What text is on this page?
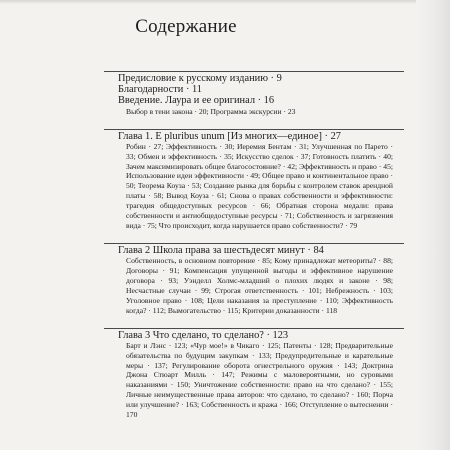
Содержание
Предисловие к русскому изданию · 9
Благодарности · 11
Введение. Лаура и ее оригинал · 16
Выбор в тени закона · 20; Программа экскурсии · 23
Глава 1. E pluribus unum [Из многих—единое] · 27
Робин · 27; Эффективность · 30; Иеремия Бентам · 31; Улучшенная по Парето · 33; Обмен и эффективность · 35; Искусство сделок · 37; Готовность платить · 40; Зачем максимизировать общее благосостояние? · 42; Эффективность и право · 45; Использование идеи эффективности · 49; Общее право и континентальное право · 50; Теорема Коуза · 53; Создание рынка для борьбы с контролем ставок арендной платы · 58; Вывод Коуза · 61; Снова о правах собственности и эффективности: трагедия общедоступных ресурсов · 66; Обратная сторона медали: права собственности и антиобщедоступные ресурсы · 71; Собственность и загрязнения вида · 75; Что происходит, когда нарушается право собственности? · 79
Глава 2 Школа права за шестьдесят минут · 84
Собственность, в основном повторение · 85; Кому принадлежат метеориты? · 88; Договоры · 91; Компенсация упущенной выгоды и эффективное нарушение договора · 93; Уэнделл Холмс-младший о плохих людях и законе · 98; Несчастные случаи · 99; Строгая ответственность · 101; Небрежность · 103; Уголовное право · 108; Цели наказания за преступление · 110; Эффективность когда? · 112; Вымогательство · 115; Критерии доказанности · 118
Глава 3 Что сделано, то сделано? · 123
Барт и Лэнс · 123; «Чур мое!» в Чикаго · 125; Патенты · 128; Предварительные обязательства по будущим закупкам · 133; Предупредительные и карательные меры · 137; Регулирование оборота огнестрельного оружия · 143; Доктрина Джона Стюарт Милль · 147; Режимы с маловероятными, но суровыми наказаниями · 150; Уничтожение собственности: право на что сделано? · 155; Личные неимущественные права авторов: что сделано, то сделано? · 160; Порча или улучшение? · 163; Собственность и кража · 166; Отступление о вытеснении · 170
